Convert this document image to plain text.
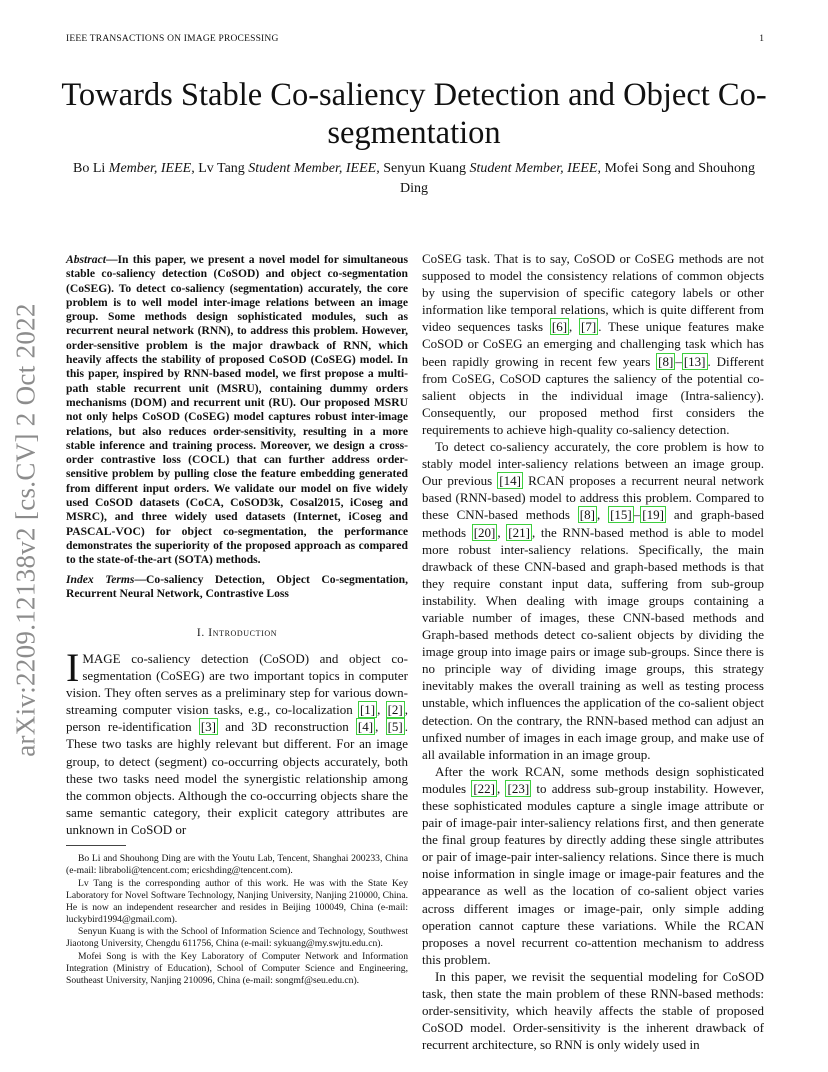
IEEE TRANSACTIONS ON IMAGE PROCESSING	1
arXiv:2209.12138v2 [cs.CV] 2 Oct 2022
Towards Stable Co-saliency Detection and Object Co-segmentation
Bo Li Member, IEEE, Lv Tang Student Member, IEEE, Senyun Kuang Student Member, IEEE, Mofei Song and Shouhong Ding
Abstract—In this paper, we present a novel model for simultaneous stable co-saliency detection (CoSOD) and object co-segmentation (CoSEG). To detect co-saliency (segmentation) accurately, the core problem is to well model inter-image relations between an image group. Some methods design sophisticated modules, such as recurrent neural network (RNN), to address this problem. However, order-sensitive problem is the major drawback of RNN, which heavily affects the stability of proposed CoSOD (CoSEG) model. In this paper, inspired by RNN-based model, we first propose a multi-path stable recurrent unit (MSRU), containing dummy orders mechanisms (DOM) and recurrent unit (RU). Our proposed MSRU not only helps CoSOD (CoSEG) model captures robust inter-image relations, but also reduces order-sensitivity, resulting in a more stable inference and training process. Moreover, we design a cross-order contrastive loss (COCL) that can further address order-sensitive problem by pulling close the feature embedding generated from different input orders. We validate our model on five widely used CoSOD datasets (CoCA, CoSOD3k, Cosal2015, iCoseg and MSRC), and three widely used datasets (Internet, iCoseg and PASCAL-VOC) for object co-segmentation, the performance demonstrates the superiority of the proposed approach as compared to the state-of-the-art (SOTA) methods.
Index Terms—Co-saliency Detection, Object Co-segmentation, Recurrent Neural Network, Contrastive Loss
I. Introduction

IMAGE co-saliency detection (CoSOD) and object co-segmentation (CoSEG) are two important topics in computer vision. They often serves as a preliminary step for various down-streaming computer vision tasks, e.g., co-localization [1] , [2] , person re-identification [3] and 3D reconstruction [4] , [5] . These two tasks are highly relevant but different. For an image group, to detect (segment) co-occurring objects accurately, both these two tasks need model the synergistic relationship among the common objects. Although the co-occurring objects share the same semantic category, their explicit category attributes are unknown in CoSOD or

CoSEG task. That is to say, CoSOD or CoSEG methods are not supposed to model the consistency relations of common objects by using the supervision of specific category labels or other information like temporal relations, which is quite different from video sequences tasks [6] , [7] . These unique features make CoSOD or CoSEG an emerging and challenging task which has been rapidly growing in recent few years [8] – [13] . Different from CoSEG, CoSOD captures the saliency of the potential co-salient objects in the individual image (Intra-saliency). Consequently, our proposed method first considers the requirements to achieve high-quality co-saliency detection.

To detect co-saliency accurately, the core problem is how to stably model inter-saliency relations between an image group. Our previous [14] RCAN proposes a recurrent neural network based (RNN-based) model to address this problem. Compared to these CNN-based methods [8] , [15] – [19] and graph-based methods [20] , [21] , the RNN-based method is able to model more robust inter-saliency relations. Specifically, the main drawback of these CNN-based and graph-based methods is that they require constant input data, suffering from sub-group instability. When dealing with image groups containing a variable number of images, these CNN-based methods and Graph-based methods detect co-salient objects by dividing the image group into image pairs or image sub-groups. Since there is no principle way of dividing image groups, this strategy inevitably makes the overall training as well as testing process unstable, which influences the application of the co-salient object detection. On the contrary, the RNN-based method can adjust an unfixed number of images in each image group, and make use of all available information in an image group.

After the work RCAN, some methods design sophisticated modules [22] , [23] to address sub-group instability. However, these sophisticated modules capture a single image attribute or pair of image-pair inter-saliency relations first, and then generate the final group features by directly adding these single attributes or pair of image-pair inter-saliency relations. Since there is much noise information in single image or image-pair features and the appearance as well as the location of co-salient object varies across different images or image-pair, only simple adding operation cannot capture these variations. While the RCAN proposes a novel recurrent co-attention mechanism to address this problem.

In this paper, we revisit the sequential modeling for CoSOD task, then state the main problem of these RNN-based methods: order-sensitivity, which heavily affects the stable of proposed CoSOD model. Order-sensitivity is the inherent drawback of recurrent architecture, so RNN is only widely used in

Bo Li and Shouhong Ding are with the Youtu Lab, Tencent, Shanghai 200233, China (e-mail: libraboli@tencent.com; ericshding@tencent.com).

Lv Tang is the corresponding author of this work. He was with the State Key Laboratory for Novel Software Technology, Nanjing University, Nanjing 210000, China. He is now an independent researcher and resides in Beijing 100049, China (e-mail: luckybird1994@gmail.com).

Senyun Kuang is with the School of Information Science and Technology, Southwest Jiaotong University, Chengdu 611756, China (e-mail: sykuang@my.swjtu.edu.cn).

Mofei Song is with the Key Laboratory of Computer Network and Information Integration (Ministry of Education), School of Computer Science and Engineering, Southeast University, Nanjing 210096, China (e-mail: songmf@seu.edu.cn).
